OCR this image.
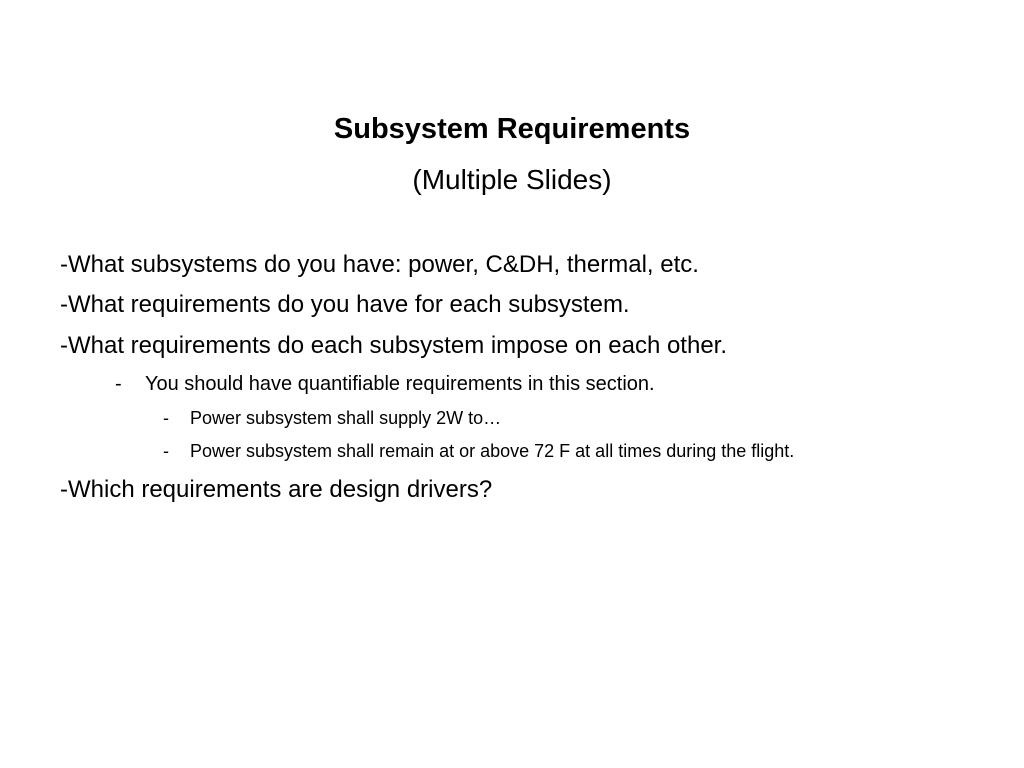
Subsystem Requirements
(Multiple Slides)
-What subsystems do you have: power, C&DH, thermal, etc.
-What requirements do you have for each subsystem.
-What requirements do each subsystem impose on each other.
- You should have quantifiable requirements in this section.
- Power subsystem shall supply 2W to…
- Power subsystem shall remain at or above 72 F at all times during the flight.
-Which requirements are design drivers?
